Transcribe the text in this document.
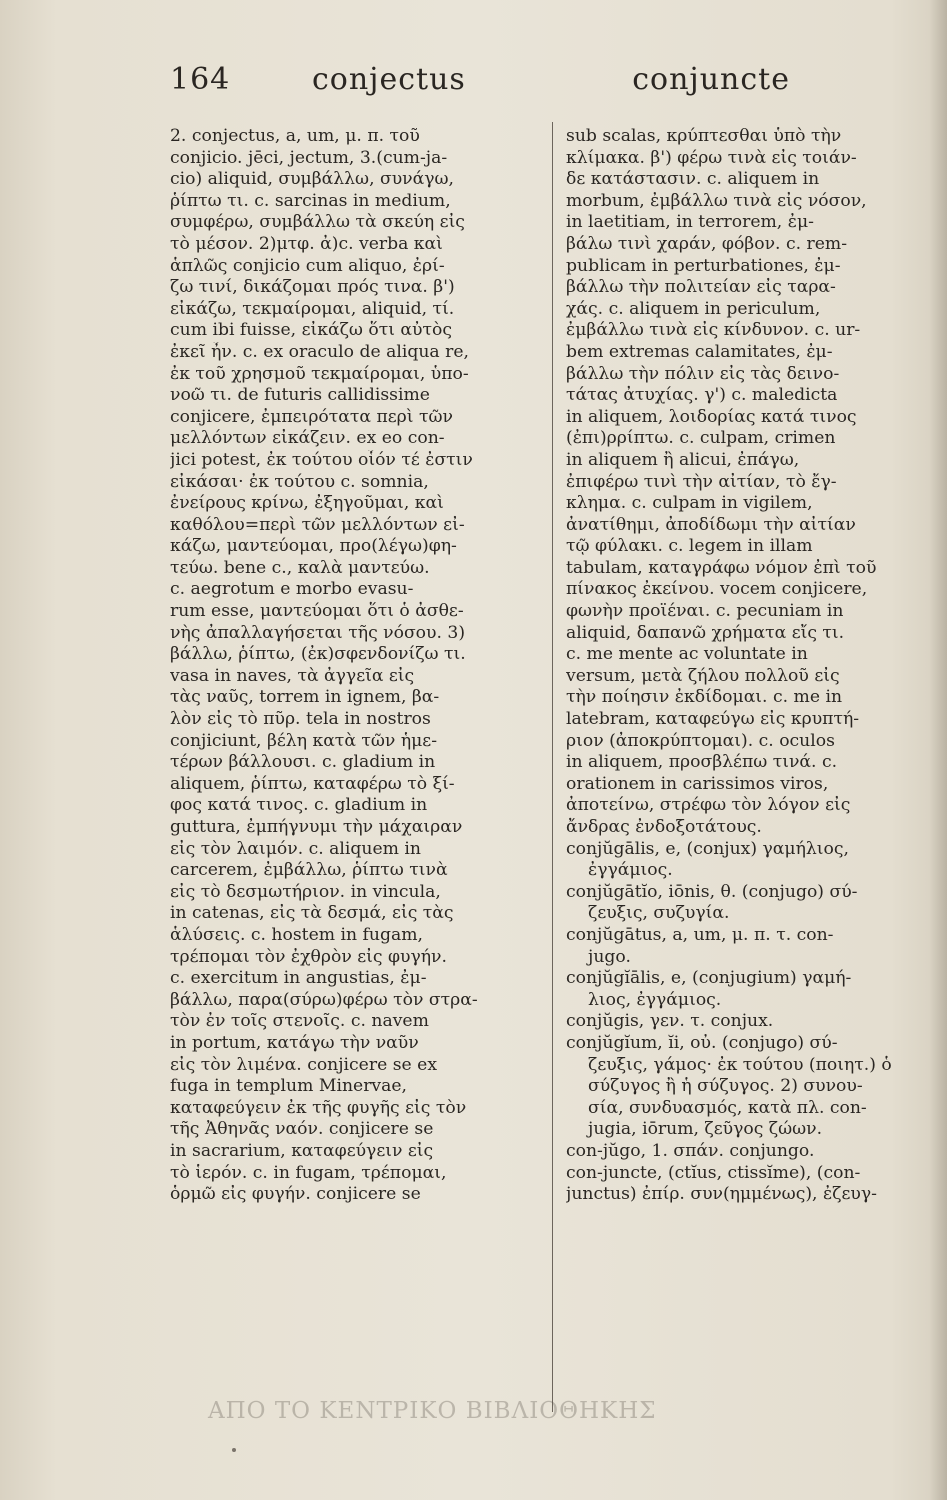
164	conjectus	conjuncte
2. conjectus, a, um, μ. π. τοῦ
conjicio. jēci, jectum, 3.(cum-ja-
cio) aliquid, συμβάλλω, συνάγω,
ῥίπτω τι. c. sarcinas in medium,
συμφέρω, συμβάλλω τὰ σκεύη εἰς
τὸ μέσον. 2)μτφ. ἀ)c. verba καὶ
ἁπλῶς conjicio cum aliquo, ἐρί-
ζω τινί, δικάζομαι πρός τινα. β')
εἰκάζω, τεκμαίρομαι, aliquid, τί.
cum ibi fuisse, εἰκάζω ὅτι αὐτὸς
ἐκεῖ ἦν. c. ex oraculo de aliqua re,
ἐκ τοῦ χρησμοῦ τεκμαίρομαι, ὑπο-
νοῶ τι. de futuris callidissime
conjicere, ἐμπειρότατα περὶ τῶν
μελλόντων εἰκάζειν. ex eo con-
jici potest, ἐκ τούτου οἷόν τέ ἐστιν
εἰκάσαι· ἐκ τούτου c. somnia,
ἐνείρους κρίνω, ἐξηγοῦμαι, καὶ
καθόλου=περὶ τῶν μελλόντων εἰ-
κάζω, μαντεύομαι, προ(λέγω)φη-
τεύω. bene c., καλὰ μαντεύω.
c. aegrotum e morbo evasu-
rum esse, μαντεύομαι ὅτι ὁ ἀσθε-
νὴς ἀπαλλαγήσεται τῆς νόσου. 3)
βάλλω, ῥίπτω, (ἐκ)σφενδονίζω τι.
vasa in naves, τὰ ἀγγεῖα εἰς
τὰς ναῦς, torrem in ignem, βα-
λὸν εἰς τὸ πῦρ. tela in nostros
conjiciunt, βέλη κατὰ τῶν ἡμε-
τέρων βάλλουσι. c. gladium in
aliquem, ῥίπτω, καταφέρω τὸ ξί-
φος κατά τινος. c. gladium in
guttura, ἐμπήγνυμι τὴν μάχαιραν
εἰς τὸν λαιμόν. c. aliquem in
carcerem, ἐμβάλλω, ῥίπτω τινὰ
εἰς τὸ δεσμωτήριον. in vincula,
in catenas, εἰς τὰ δεσμά, εἰς τὰς
ἁλύσεις. c. hostem in fugam,
τρέπομαι τὸν ἐχθρὸν εἰς φυγήν.
c. exercitum in angustias, ἐμ-
βάλλω, παρα(σύρω)φέρω τὸν στρα-
τὸν ἐν τοῖς στενοῖς. c. navem
in portum, κατάγω τὴν ναῦν
εἰς τὸν λιμένα. conjicere se ex
fuga in templum Minervae,
καταφεύγειν ἐκ τῆς φυγῆς εἰς τὸν
τῆς Ἀθηνᾶς ναόν. conjicere se
in sacrarium, καταφεύγειν εἰς
τὸ ἱερόν. c. in fugam, τρέπομαι,
ὁρμῶ εἰς φυγήν. conjicere se
sub scalas, κρύπτεσθαι ὑπὸ τὴν
κλίμακα. β') φέρω τινὰ εἰς τοιάν-
δε κατάστασιν. c. aliquem in
morbum, ἐμβάλλω τινὰ εἰς νόσον,
in laetitiam, in terrorem, ἐμ-
βάλω τινὶ χαράν, φόβον. c. rem-
publicam in perturbationes, ἐμ-
βάλλω τὴν πολιτείαν εἰς ταρα-
χάς. c. aliquem in periculum,
ἐμβάλλω τινὰ εἰς κίνδυνον. c. ur-
bem extremas calamitates, ἐμ-
βάλλω τὴν πόλιν εἰς τὰς δεινο-
τάτας ἀτυχίας. γ') c. maledicta
in aliquem, λοιδορίας κατά τινος
(ἐπι)ρρίπτω. c. culpam, crimen
in aliquem ἢ alicui, ἐπάγω,
ἐπιφέρω τινὶ τὴν αἰτίαν, τὸ ἔγ-
κλημα. c. culpam in vigilem,
ἀνατίθημι, ἀποδίδωμι τὴν αἰτίαν
τῷ φύλακι. c. legem in illam
tabulam, καταγράφω νόμον ἐπὶ τοῦ
πίνακος ἐκείνου. vocem conjicere,
φωνὴν προϊέναι. c. pecuniam in
aliquid, δαπανῶ χρήματα εἴς τι.
c. me mente ac voluntate in
versum, μετὰ ζήλου πολλοῦ εἰς
τὴν ποίησιν ἐκδίδομαι. c. me in
latebram, καταφεύγω εἰς κρυπτή-
ριον (ἀποκρύπτομαι). c. oculos
in aliquem, προσβλέπω τινά. c.
orationem in carissimos viros,
ἀποτείνω, στρέφω τὸν λόγον εἰς
ἄνδρας ἐνδοξοτάτους.
conjŭgālis, e, (conjux) γαμήλιος,
ἐγγάμιος.
conjŭgātĭo, iōnis, θ. (conjugo) σύ-
ζευξις, συζυγία.
conjŭgātus, a, um, μ. π. τ. con-
jugo.
conjŭgĭālis, e, (conjugium) γαμή-
λιος, ἐγγάμιος.
conjŭgis, γεν. τ. conjux.
conjŭgĭum, ĭi, οὐ. (conjugo) σύ-
ζευξις, γάμος· ἐκ τούτου (ποιητ.) ὁ
σύζυγος ἢ ἡ σύζυγος. 2) συνου-
σία, συνδυασμός, κατὰ πλ. con-
jugia, iōrum, ζεῦγος ζώων.
con-jŭgo, 1. σπάν. conjungo.
con-juncte, (ctĭus, ctissĭme), (con-
junctus) ἐπίρ. συν(ημμένως), ἐζευγ-
ΑΠΟ ΤΟ ΚΕΝΤΡΙΚΟ ΒΙΒΛΙΟΘΗΚΗΣ
